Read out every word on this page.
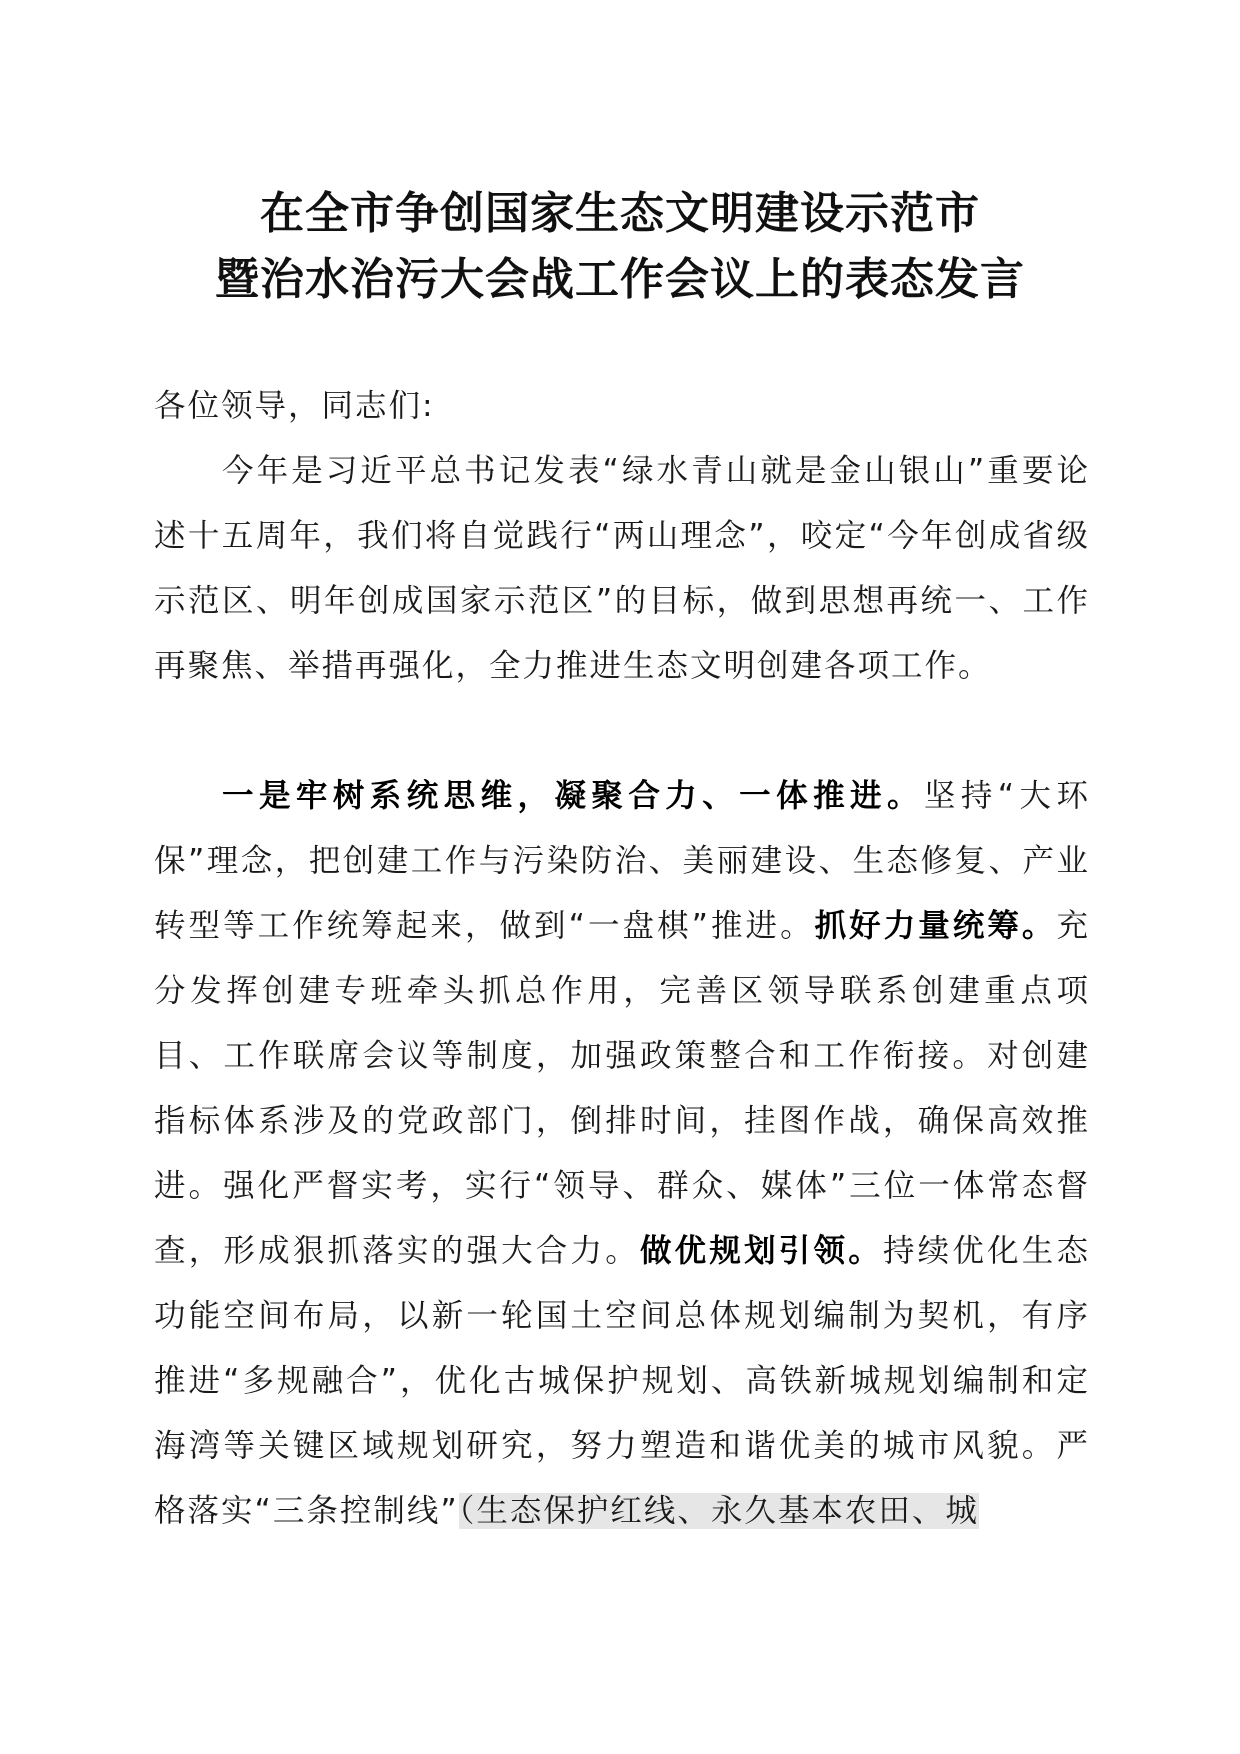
在全市争创国家生态文明建设示范市
暨治水治污大会战工作会议上的表态发言

各位领导，同志们:

今年是习近平总书记发表“绿水青山就是金山银山”重要论述十五周年，我们将自觉践行“两山理念”，咬定“今年创成省级示范区、明年创成国家示范区”的目标，做到思想再统一、工作再聚焦、举措再强化，全力推进生态文明创建各项工作。

一是牢树系统思维，凝聚合力、一体推进。坚持“大环保”理念，把创建工作与污染防治、美丽建设、生态修复、产业转型等工作统筹起来，做到“一盘棋”推进。抓好力量统筹。充分发挥创建专班牵头抓总作用，完善区领导联系创建重点项目、工作联席会议等制度，加强政策整合和工作衔接。对创建指标体系涉及的党政部门，倒排时间，挂图作战，确保高效推进。强化严督实考，实行“领导、群众、媒体”三位一体常态督查，形成狠抓落实的强大合力。做优规划引领。持续优化生态功能空间布局，以新一轮国土空间总体规划编制为契机，有序推进“多规融合”，优化古城保护规划、高铁新城规划编制和定海湾等关键区域规划研究，努力塑造和谐优美的城市风貌。严格落实“三条控制线”（生态保护红线、永久基本农田、城
